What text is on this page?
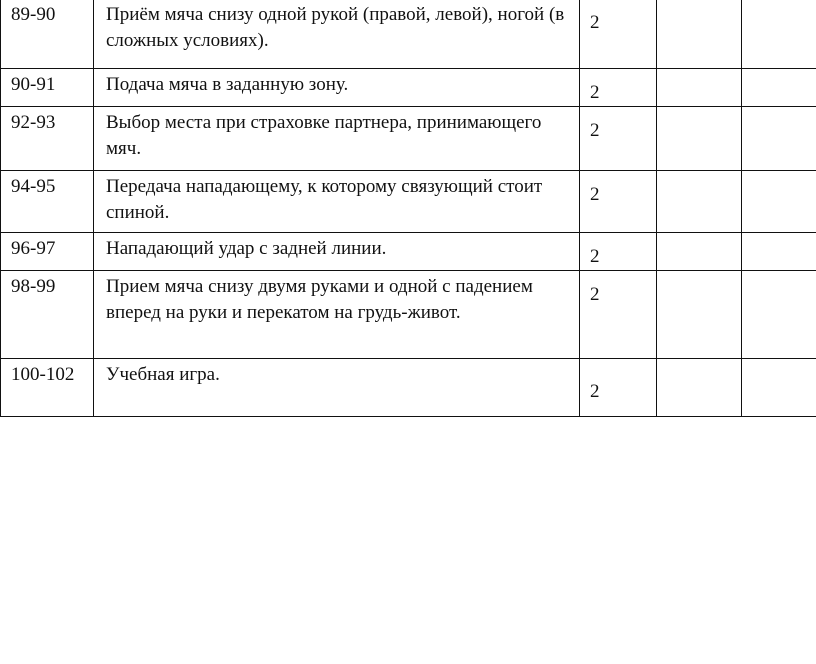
89-90	Приём мяча снизу одной рукой (правой, левой), ногой (в сложных условиях).	2		
90-91	Подача мяча в заданную зону.	2		
92-93	Выбор места при страховке партнера, принимающего мяч.	2		
94-95	Передача нападающему, к которому связующий стоит спиной.	2		
96-97	Нападающий удар с задней линии.	2		
98-99	Прием мяча снизу двумя руками и одной с падением вперед на руки и перекатом на грудь-живот.	2		
100-102	Учебная игра.	2		
